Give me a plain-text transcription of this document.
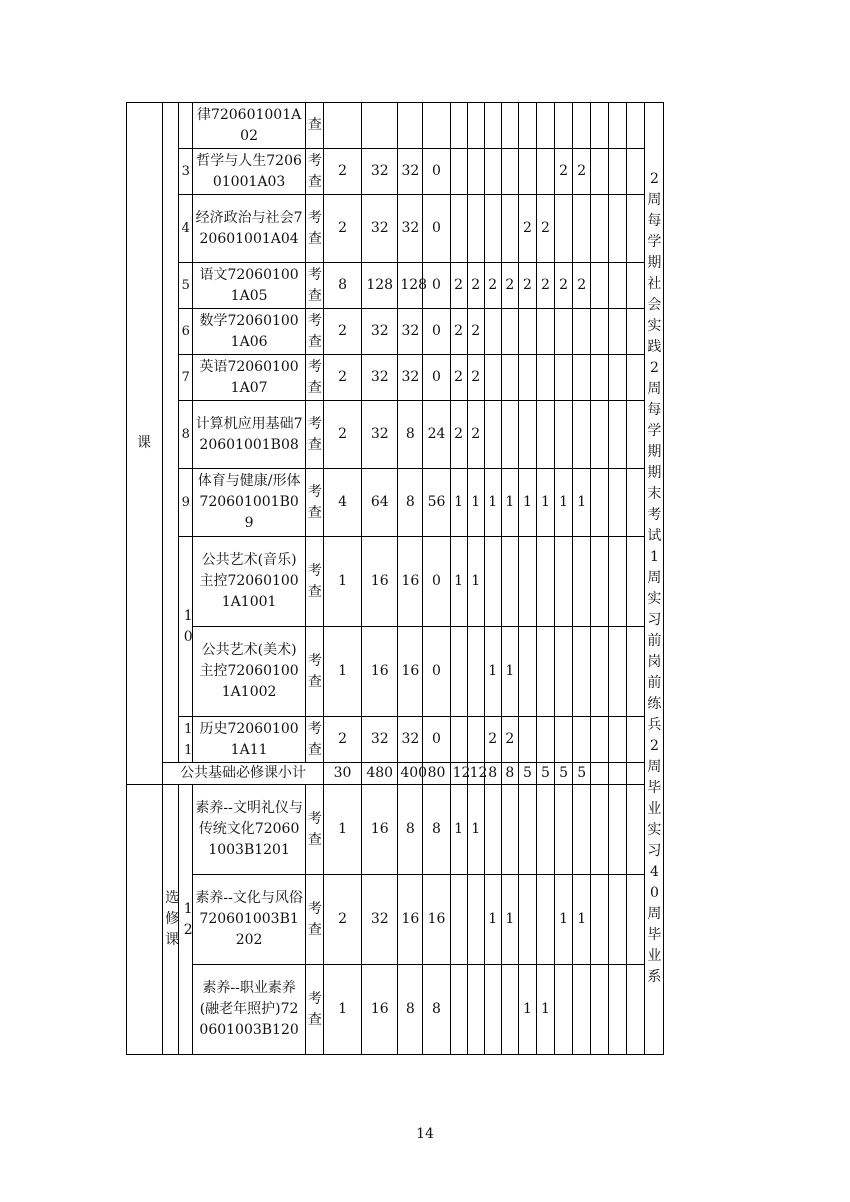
课			律720601001A02	查																2周每学期社会实践2周每学期期末考试1周实习前岗前练兵2周毕业实习40周毕业系

		3	哲学与人生720601001A03	考查	2	32	32	0							2	2				
		4	经济政治与社会720601001A04	考查	2	32	32	0					2	2						
		5	语文720601001A05	考查	8	128	128	0	2	2	2	2	2	2	2	2				
		6	数学720601001A06	考查	2	32	32	0	2	2										
		7	英语720601001A07	考查	2	32	32	0	2	2										
		8	计算机应用基础720601001B08	考查	2	32	8	24	2	2										
		9	体育与健康/形体720601001B09	考查	4	64	8	56	1	1	1	1	1	1	1	1				

		10	公共艺术(音乐) 主控720601001A1001	考查	1	16	16	0	1	1										
			公共艺术(美术) 主控720601001A1002	考查	1	16	16	0			1	1								

		11	历史720601001A11	考查	2	32	32	0			2	2								
	公共基础必修课小计				30	480	400	80	12	12	8	8	5	5	5	5				

	选修课	12	素养--文明礼仪与传统文化720601003B1201	考查	1	16	8	8	1	1										
			素养--文化与风俗720601003B1202	考查	2	32	16	16			1	1			1	1				
			素养--职业素养(融老年照护)720601003B120	考查	1	16	8	8					1	1						
14
